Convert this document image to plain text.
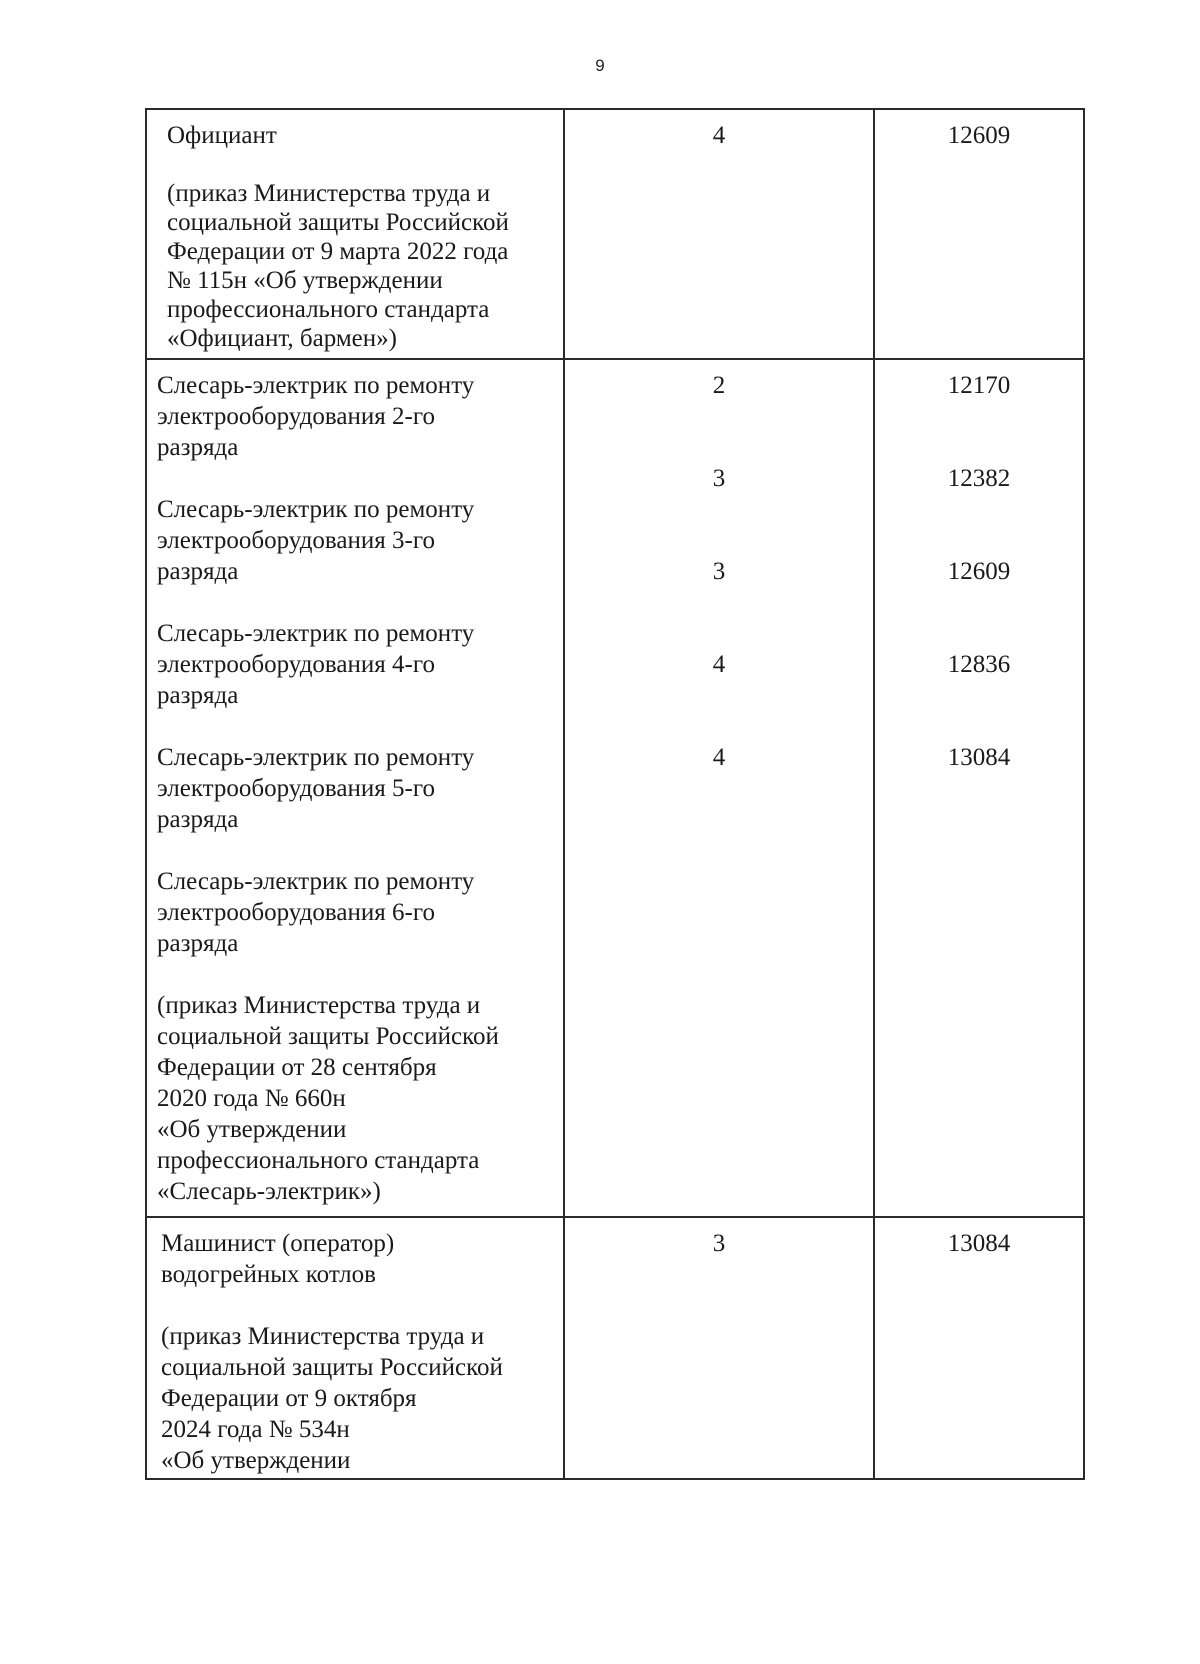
9
Официант
(приказ Министерства труда и
социальной защиты Российской
Федерации от 9 марта 2022 года
№ 115н «Об утверждении
профессионального стандарта
«Официант, бармен»)
4	12609
Слесарь-электрик по ремонту
электрооборудования 2-го
разряда
Слесарь-электрик по ремонту
электрооборудования 3-го
разряда
Слесарь-электрик по ремонту
электрооборудования 4-го
разряда
Слесарь-электрик по ремонту
электрооборудования 5-го
разряда
Слесарь-электрик по ремонту
электрооборудования 6-го
разряда
(приказ Министерства труда и
социальной защиты Российской
Федерации от 28 сентября
2020 года № 660н
«Об утверждении
профессионального стандарта
«Слесарь-электрик»)
2
3
3
4
4
12170
12382
12609
12836
13084
Машинист (оператор)
водогрейных котлов
(приказ Министерства труда и
социальной защиты Российской
Федерации от 9 октября
2024 года № 534н
«Об утверждении
3	13084
